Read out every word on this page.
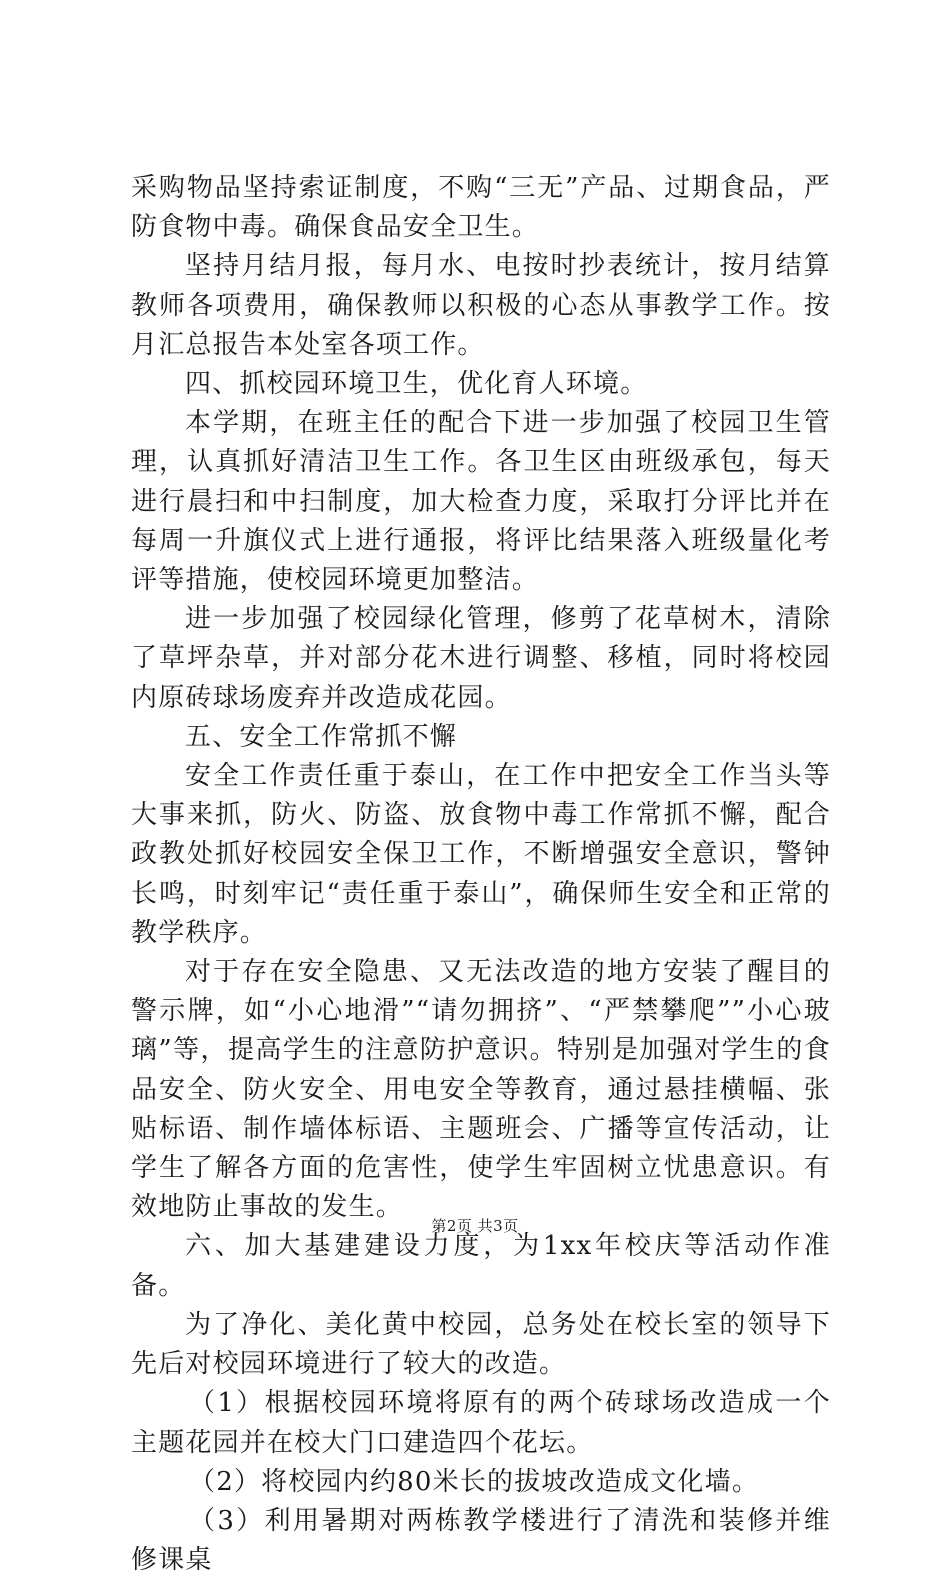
采购物品坚持索证制度，不购“三无”产品、过期食品，严防食物中毒。确保食品安全卫生。

坚持月结月报，每月水、电按时抄表统计，按月结算教师各项费用，确保教师以积极的心态从事教学工作。按月汇总报告本处室各项工作。

四、抓校园环境卫生，优化育人环境。

本学期，在班主任的配合下进一步加强了校园卫生管理，认真抓好清洁卫生工作。各卫生区由班级承包，每天进行晨扫和中扫制度，加大检查力度，采取打分评比并在每周一升旗仪式上进行通报，将评比结果落入班级量化考评等措施，使校园环境更加整洁。

进一步加强了校园绿化管理，修剪了花草树木，清除了草坪杂草，并对部分花木进行调整、移植，同时将校园内原砖球场废弃并改造成花园。

五、安全工作常抓不懈

安全工作责任重于泰山，在工作中把安全工作当头等大事来抓，防火、防盗、放食物中毒工作常抓不懈，配合政教处抓好校园安全保卫工作，不断增强安全意识，警钟长鸣，时刻牢记“责任重于泰山”，确保师生安全和正常的教学秩序。

对于存在安全隐患、又无法改造的地方安装了醒目的警示牌，如“小心地滑”“请勿拥挤”、“严禁攀爬””小心玻璃”等，提高学生的注意防护意识。特别是加强对学生的食品安全、防火安全、用电安全等教育，通过悬挂横幅、张贴标语、制作墙体标语、主题班会、广播等宣传活动，让学生了解各方面的危害性，使学生牢固树立忧患意识。有效地防止事故的发生。

六、加大基建建设力度，为1xx年校庆等活动作准备。

为了净化、美化黄中校园，总务处在校长室的领导下先后对校园环境进行了较大的改造。

（1）根据校园环境将原有的两个砖球场改造成一个主题花园并在校大门口建造四个花坛。

（2）将校园内约80米长的拔坡改造成文化墙。

（3）利用暑期对两栋教学楼进行了清洗和装修并维修课桌

第2页 共3页
